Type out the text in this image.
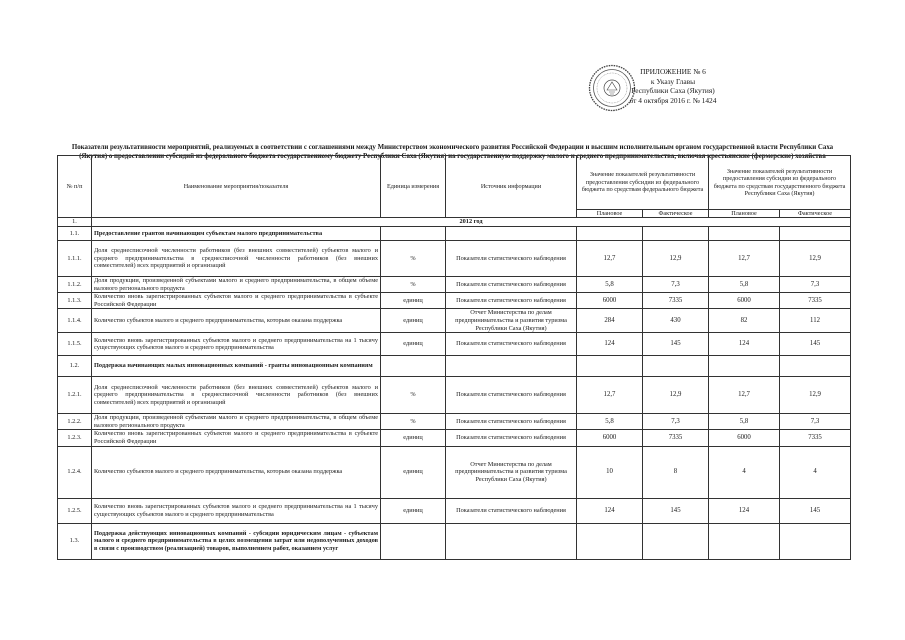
ПРИЛОЖЕНИЕ № 6
к Указу Главы
Республики Саха (Якутия)
от 4 октября 2016 г. № 1424
Показатели результативности мероприятий, реализуемых в соответствии с соглашениями между Министерством экономического развития Российской Федерации и высшим исполнительным органом государственной власти Республики Саха (Якутия) о предоставлении субсидий из федерального бюджета государственному бюджету Республики Саха (Якутия) на государственную поддержку малого и среднего предпринимательства, включая крестьянские (фермерские) хозяйства
№ п/п	Наименование мероприятия/показателя	Единица измерения	Источник информации	Значение показателей результативности предоставления субсидии из федерального бюджета по средствам федерального бюджета		Значение показателей результативности предоставления субсидии из федерального бюджета по средствам государственного бюджета Республики Саха (Якутия)	
				Плановое	Фактическое	Плановое	Фактическое
1.	2012 год						
1.1.	Предоставление грантов начинающим субъектам малого предпринимательства						
1.1.1.	Доля среднесписочной численности работников (без внешних совместителей) субъектов малого и среднего предпринимательства в среднесписочной численности работников (без внешних совместителей) всех предприятий и организаций	%	Показатели статистического наблюдения	12,7	12,9	12,7	12,9
1.1.2.	Доля продукции, произведенной субъектами малого и среднего предпринимательства, в общем объеме валового регионального продукта	%	Показатели статистического наблюдения	5,8	7,3	5,8	7,3
1.1.3.	Количество вновь зарегистрированных субъектов малого и среднего предпринимательства в субъекте Российской Федерации	единиц	Показатели статистического наблюдения	6000	7335	6000	7335
1.1.4.	Количество субъектов малого и среднего предпринимательства, которым оказана поддержка	единиц	Отчет Министерства по делам предпринимательства и развития туризма Республики Саха (Якутия)	284	430	82	112
1.1.5.	Количество вновь зарегистрированных субъектов малого и среднего предпринимательства на 1 тысячу существующих субъектов малого и среднего предпринимательства	единиц	Показатели статистического наблюдения	124	145	124	145
1.2.	Поддержка начинающих малых инновационных компаний - гранты инновационным компаниям						
1.2.1.	Доля среднесписочной численности работников (без внешних совместителей) субъектов малого и среднего предпринимательства в среднесписочной численности работников (без внешних совместителей) всех предприятий и организаций	%	Показатели статистического наблюдения	12,7	12,9	12,7	12,9
1.2.2.	Доля продукции, произведенной субъектами малого и среднего предпринимательства, в общем объеме валового регионального продукта	%	Показатели статистического наблюдения	5,8	7,3	5,8	7,3
1.2.3.	Количество вновь зарегистрированных субъектов малого и среднего предпринимательства в субъекте Российской Федерации	единиц	Показатели статистического наблюдения	6000	7335	6000	7335
1.2.4.	Количество субъектов малого и среднего предпринимательства, которым оказана поддержка	единиц	Отчет Министерства по делам предпринимательства и развития туризма Республики Саха (Якутия)	10	8	4	4
1.2.5.	Количество вновь зарегистрированных субъектов малого и среднего предпринимательства на 1 тысячу существующих субъектов малого и среднего предпринимательства	единиц	Показатели статистического наблюдения	124	145	124	145
1.3.	Поддержка действующих инновационных компаний - субсидии юридическим лицам - субъектам малого и среднего предпринимательства в целях возмещения затрат или недополученных доходов в связи с производством (реализацией) товаров, выполнением работ, оказанием услуг						
